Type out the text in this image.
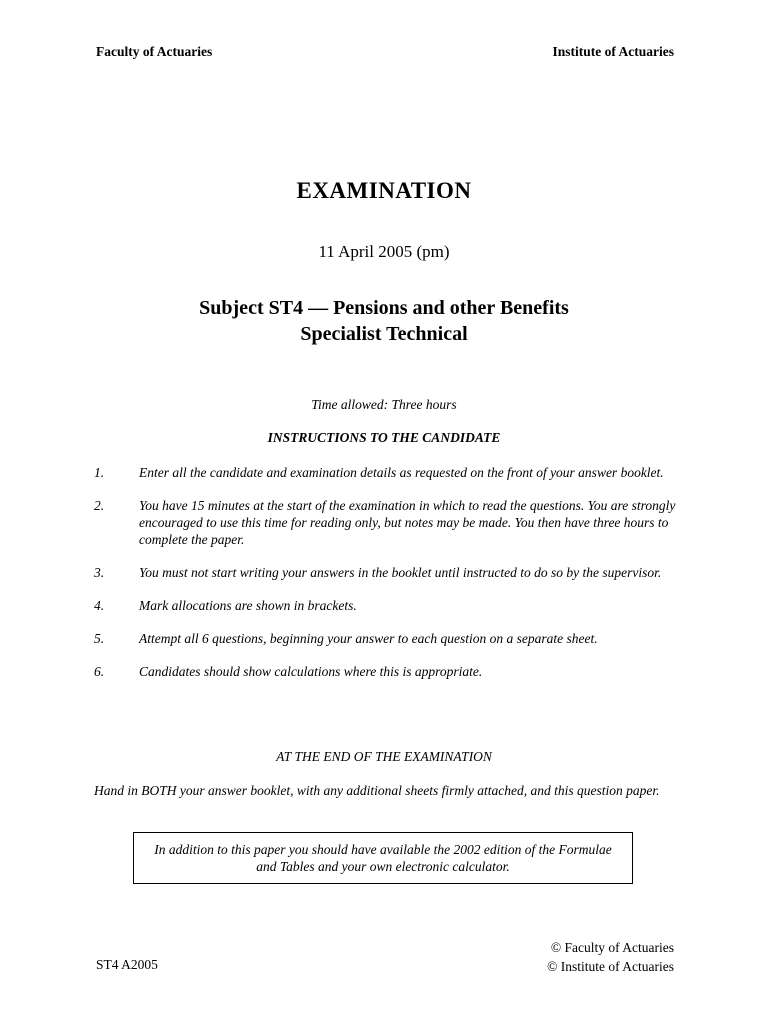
Faculty of Actuaries	Institute of Actuaries
EXAMINATION
11 April 2005 (pm)
Subject ST4 — Pensions and other Benefits
Specialist Technical
Time allowed: Three hours
INSTRUCTIONS TO THE CANDIDATE
1.	Enter all the candidate and examination details as requested on the front of your answer booklet.
2.	You have 15 minutes at the start of the examination in which to read the questions. You are strongly encouraged to use this time for reading only, but notes may be made. You then have three hours to complete the paper.
3.	You must not start writing your answers in the booklet until instructed to do so by the supervisor.
4.	Mark allocations are shown in brackets.
5.	Attempt all 6 questions, beginning your answer to each question on a separate sheet.
6.	Candidates should show calculations where this is appropriate.
AT THE END OF THE EXAMINATION
Hand in BOTH your answer booklet, with any additional sheets firmly attached, and this question paper.
In addition to this paper you should have available the 2002 edition of the Formulae and Tables and your own electronic calculator.
ST4 A2005
© Faculty of Actuaries
© Institute of Actuaries
